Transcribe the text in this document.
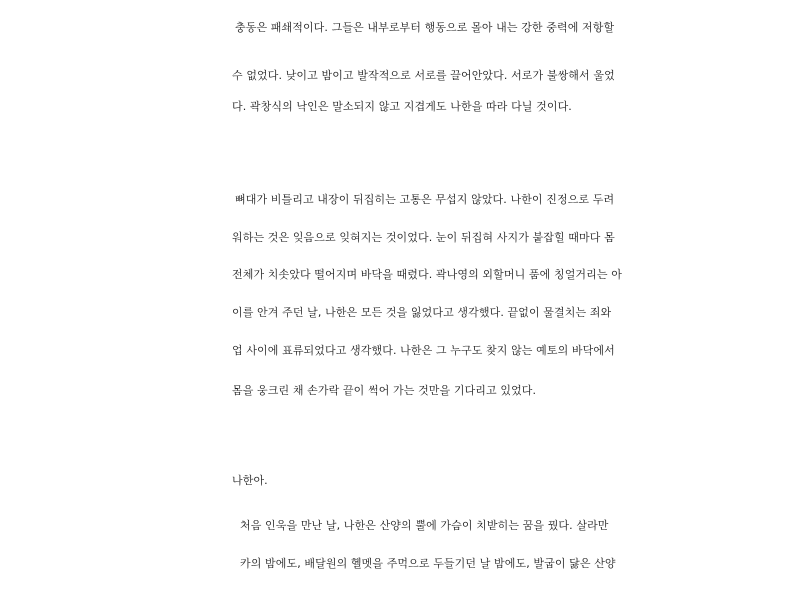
충동은 패쇄적이다. 그들은 내부로부터 행동으로 몰아 내는 강한 중력에 저항할
수 없었다. 낮이고 밤이고 발작적으로 서로를 끌어안았다. 서로가 불쌍해서 울었
다. 곽창식의 낙인은 말소되지 않고 지겹게도 나한을 따라 다닐 것이다.
뼈대가 비틀리고 내장이 뒤집히는 고통은 무섭지 않았다. 나한이 진정으로 두려
워하는 것은 잊음으로 잊혀지는 것이었다. 눈이 뒤집혀 사지가 붙잡힐 때마다 몸
전체가 치솟았다 떨어지며 바닥을 때렸다. 곽나영의 외할머니 품에 칭얼거리는 아
이를 안겨 주던 날, 나한은 모든 것을 잃었다고 생각했다. 끝없이 물결치는 죄와
업 사이에 표류되었다고 생각했다. 나한은 그 누구도 찾지 않는 예토의 바닥에서
몸을 웅크린 채 손가락 끝이 썩어 가는 것만을 기다리고 있었다.
나한아.
처음 인욱을 만난 날, 나한은 산양의 뿔에 가슴이 치받히는 꿈을 꿨다. 살라만
카의 밤에도, 배달원의 헬멧을 주먹으로 두들기던 날 밤에도, 발굽이 닳은 산양
